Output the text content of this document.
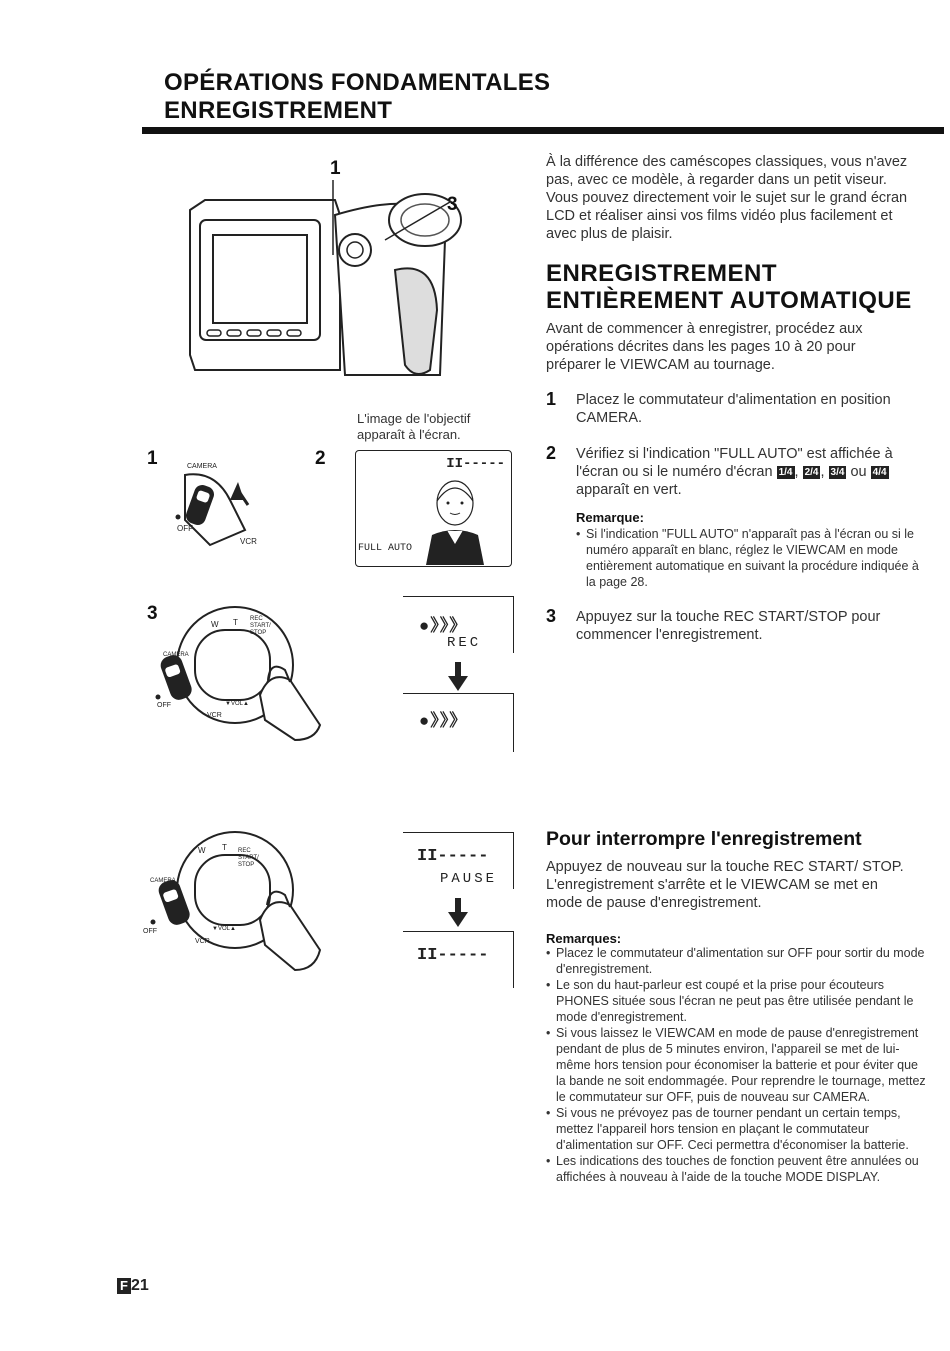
OPÉRATIONS FONDAMENTALES
ENREGISTREMENT
À la différence des caméscopes classiques, vous n'avez pas, avec ce modèle, à regarder dans un petit viseur. Vous pouvez directement voir le sujet sur le grand écran LCD et réaliser ainsi vos films vidéo plus facilement et avec plus de plaisir.
ENREGISTREMENT
ENTIÈREMENT AUTOMATIQUE
Avant de commencer à enregistrer, procédez aux opérations décrites dans les pages 10 à 20 pour préparer le VIEWCAM au tournage.
1 Placez le commutateur d'alimentation en position CAMERA.
2 Vérifiez si l'indication "FULL AUTO" est affichée à l'écran ou si le numéro d'écran 1/4 , 2/4 , 3/4 ou 4/4 apparaît en vert.
Remarque:
• Si l'indication "FULL AUTO" n'apparaît pas à l'écran ou si le numéro apparaît en blanc, réglez le VIEWCAM en mode entièrement automatique en suivant la procédure indiquée à la page 28.
3 Appuyez sur la touche REC START/STOP pour commencer l'enregistrement.
Pour interrompre l'enregistrement
Appuyez de nouveau sur la touche REC START/ STOP. L'enregistrement s'arrête et le VIEWCAM se met en mode de pause d'enregistrement.
Remarques:
• Placez le commutateur d'alimentation sur OFF pour sortir du mode d'enregistrement.
• Le son du haut-parleur est coupé et la prise pour écouteurs PHONES située sous l'écran ne peut pas être utilisée pendant le mode d'enregistrement.
• Si vous laissez le VIEWCAM en mode de pause d'enregistrement pendant de plus de 5 minutes environ, l'appareil se met de lui-même hors tension pour économiser la batterie et pour éviter que la bande ne soit endommagée. Pour reprendre le tournage, mettez le commutateur sur OFF, puis de nouveau sur CAMERA.
• Si vous ne prévoyez pas de tourner pendant un certain temps, mettez l'appareil hors tension en plaçant le commutateur d'alimentation sur OFF. Ceci permettra d'économiser la batterie.
• Les indications des touches de fonction peuvent être annulées ou affichées à nouveau à l'aide de la touche MODE DISPLAY.
1
3
L'image de l'objectif apparaît à l'écran.
1	CAMERA
OFF
VCR
2	II-----
FULL AUTO
3
W T REC START/ STOP
CAMERA
OFF
VCR
▼VOL▲
●》》》
REC
●》》》
W T REC START/ STOP
CAMERA
OFF
VCR
▼VOL▲
II-----
PAUSE
II-----
F 21
